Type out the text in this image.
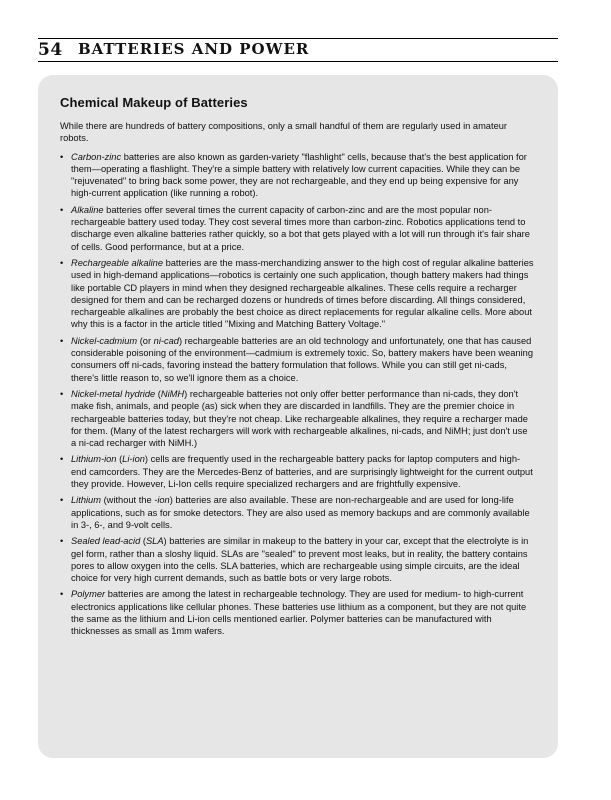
54 BATTERIES AND POWER
Chemical Makeup of Batteries

While there are hundreds of battery compositions, only a small handful of them are regularly used in amateur robots.

• Carbon-zinc batteries are also known as garden-variety "flashlight" cells, because that's the best application for them—operating a flashlight. They're a simple battery with relatively low current capacities. While they can be "rejuvenated" to bring back some power, they are not rechargeable, and they end up being expensive for any high-current application (like running a robot).
• Alkaline batteries offer several times the current capacity of carbon-zinc and are the most popular non-rechargeable battery used today. They cost several times more than carbon-zinc. Robotics applications tend to discharge even alkaline batteries rather quickly, so a bot that gets played with a lot will run through it's fair share of cells. Good performance, but at a price.
• Rechargeable alkaline batteries are the mass-merchandizing answer to the high cost of regular alkaline batteries used in high-demand applications—robotics is certainly one such application, though battery makers had things like portable CD players in mind when they designed rechargeable alkalines. These cells require a recharger designed for them and can be recharged dozens or hundreds of times before discarding. All things considered, rechargeable alkalines are probably the best choice as direct replacements for regular alkaline cells. More about why this is a factor in the article titled "Mixing and Matching Battery Voltage."
• Nickel-cadmium (or ni-cad) rechargeable batteries are an old technology and unfortunately, one that has caused considerable poisoning of the environment—cadmium is extremely toxic. So, battery makers have been weaning consumers off ni-cads, favoring instead the battery formulation that follows. While you can still get ni-cads, there's little reason to, so we'll ignore them as a choice.
• Nickel-metal hydride (NiMH) rechargeable batteries not only offer better performance than ni-cads, they don't make fish, animals, and people (as) sick when they are discarded in landfills. They are the premier choice in rechargeable batteries today, but they're not cheap. Like rechargeable alkalines, they require a recharger made for them. (Many of the latest rechargers will work with rechargeable alkalines, ni-cads, and NiMH; just don't use a ni-cad recharger with NiMH.)
• Lithium-ion (Li-ion) cells are frequently used in the rechargeable battery packs for laptop computers and high-end camcorders. They are the Mercedes-Benz of batteries, and are surprisingly lightweight for the current output they provide. However, Li-Ion cells require specialized rechargers and are frightfully expensive.
• Lithium (without the -ion) batteries are also available. These are non-rechargeable and are used for long-life applications, such as for smoke detectors. They are also used as memory backups and are commonly available in 3-, 6-, and 9-volt cells.
• Sealed lead-acid (SLA) batteries are similar in makeup to the battery in your car, except that the electrolyte is in gel form, rather than a sloshy liquid. SLAs are "sealed" to prevent most leaks, but in reality, the battery contains pores to allow oxygen into the cells. SLA batteries, which are rechargeable using simple circuits, are the ideal choice for very high current demands, such as battle bots or very large robots.
• Polymer batteries are among the latest in rechargeable technology. They are used for medium- to high-current electronics applications like cellular phones. These batteries use lithium as a component, but they are not quite the same as the lithium and Li-ion cells mentioned earlier. Polymer batteries can be manufactured with thicknesses as small as 1mm wafers.
